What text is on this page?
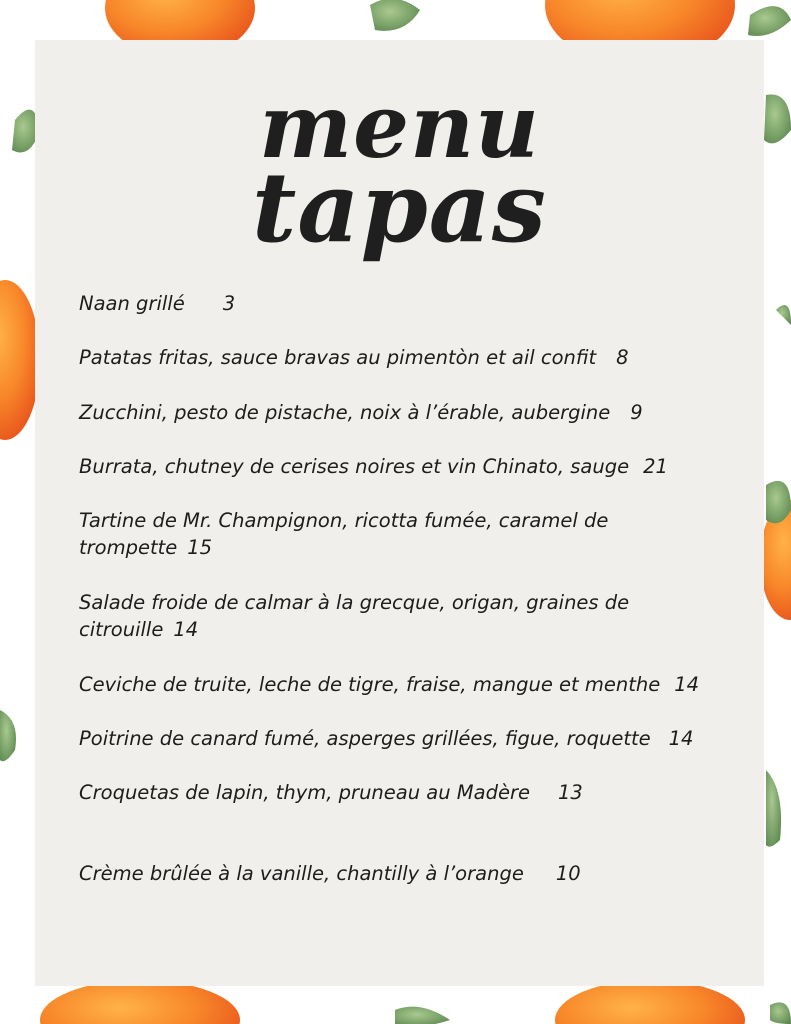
menu
tapas
Naan grillé 3
Patatas fritas, sauce bravas au pimentòn et ail confit 8
Zucchini, pesto de pistache, noix à l’érable, aubergine 9
Burrata, chutney de cerises noires et vin Chinato, sauge 21
Tartine de Mr. Champignon, ricotta fumée, caramel de
trompette 15
Salade froide de calmar à la grecque, origan, graines de
citrouille 14
Ceviche de truite, leche de tigre, fraise, mangue et menthe 14
Poitrine de canard fumé, asperges grillées, figue, roquette 14
Croquetas de lapin, thym, pruneau au Madère 13
Crème brûlée à la vanille, chantilly à l’orange 10
